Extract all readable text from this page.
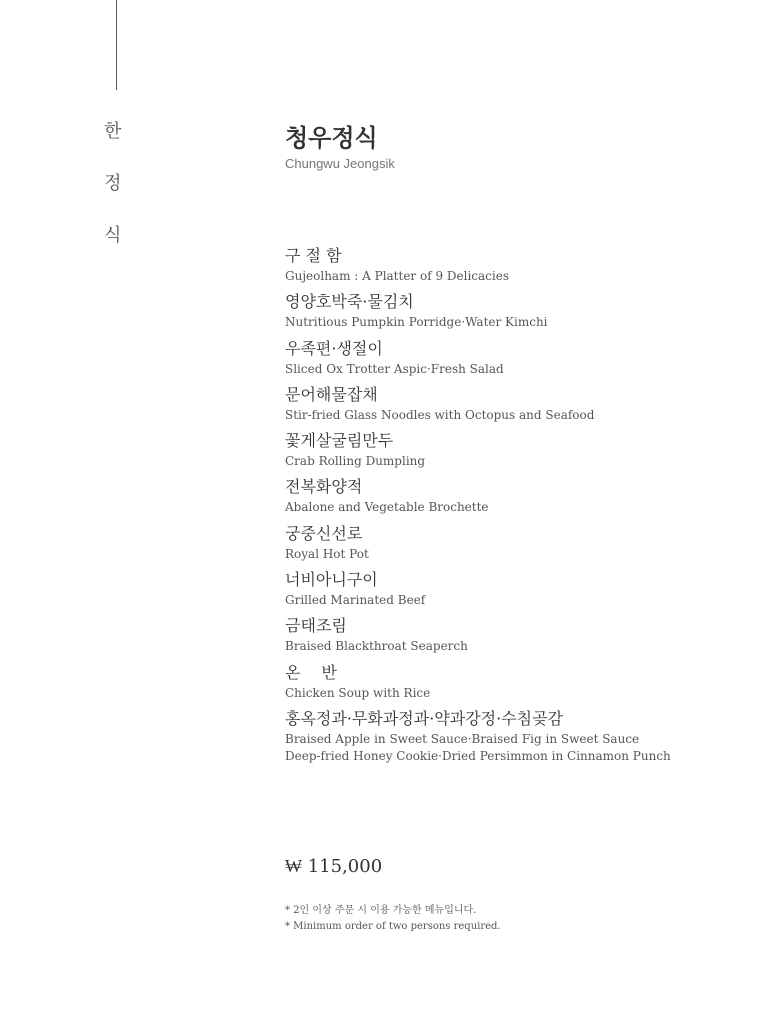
한
정
식
청우정식
Chungwu Jeongsik
구 절 함
Gujeolham : A Platter of 9 Delicacies
영양호박죽·물김치
Nutritious Pumpkin Porridge·Water Kimchi
우족편·생절이
Sliced Ox Trotter Aspic·Fresh Salad
문어해물잡채
Stir-fried Glass Noodles with Octopus and Seafood
꽃게살굴림만두
Crab Rolling Dumpling
전복화양적
Abalone and Vegetable Brochette
궁중신선로
Royal Hot Pot
너비아니구이
Grilled Marinated Beef
금태조림
Braised Blackthroat Seaperch
온　 반
Chicken Soup with Rice
홍옥정과·무화과정과·약과강정·수침곶감
Braised Apple in Sweet Sauce·Braised Fig in Sweet Sauce
Deep-fried Honey Cookie·Dried Persimmon in Cinnamon Punch
₩ 115,000
* 2인 이상 주문 시 이용 가능한 메뉴입니다.
* Minimum order of two persons required.
